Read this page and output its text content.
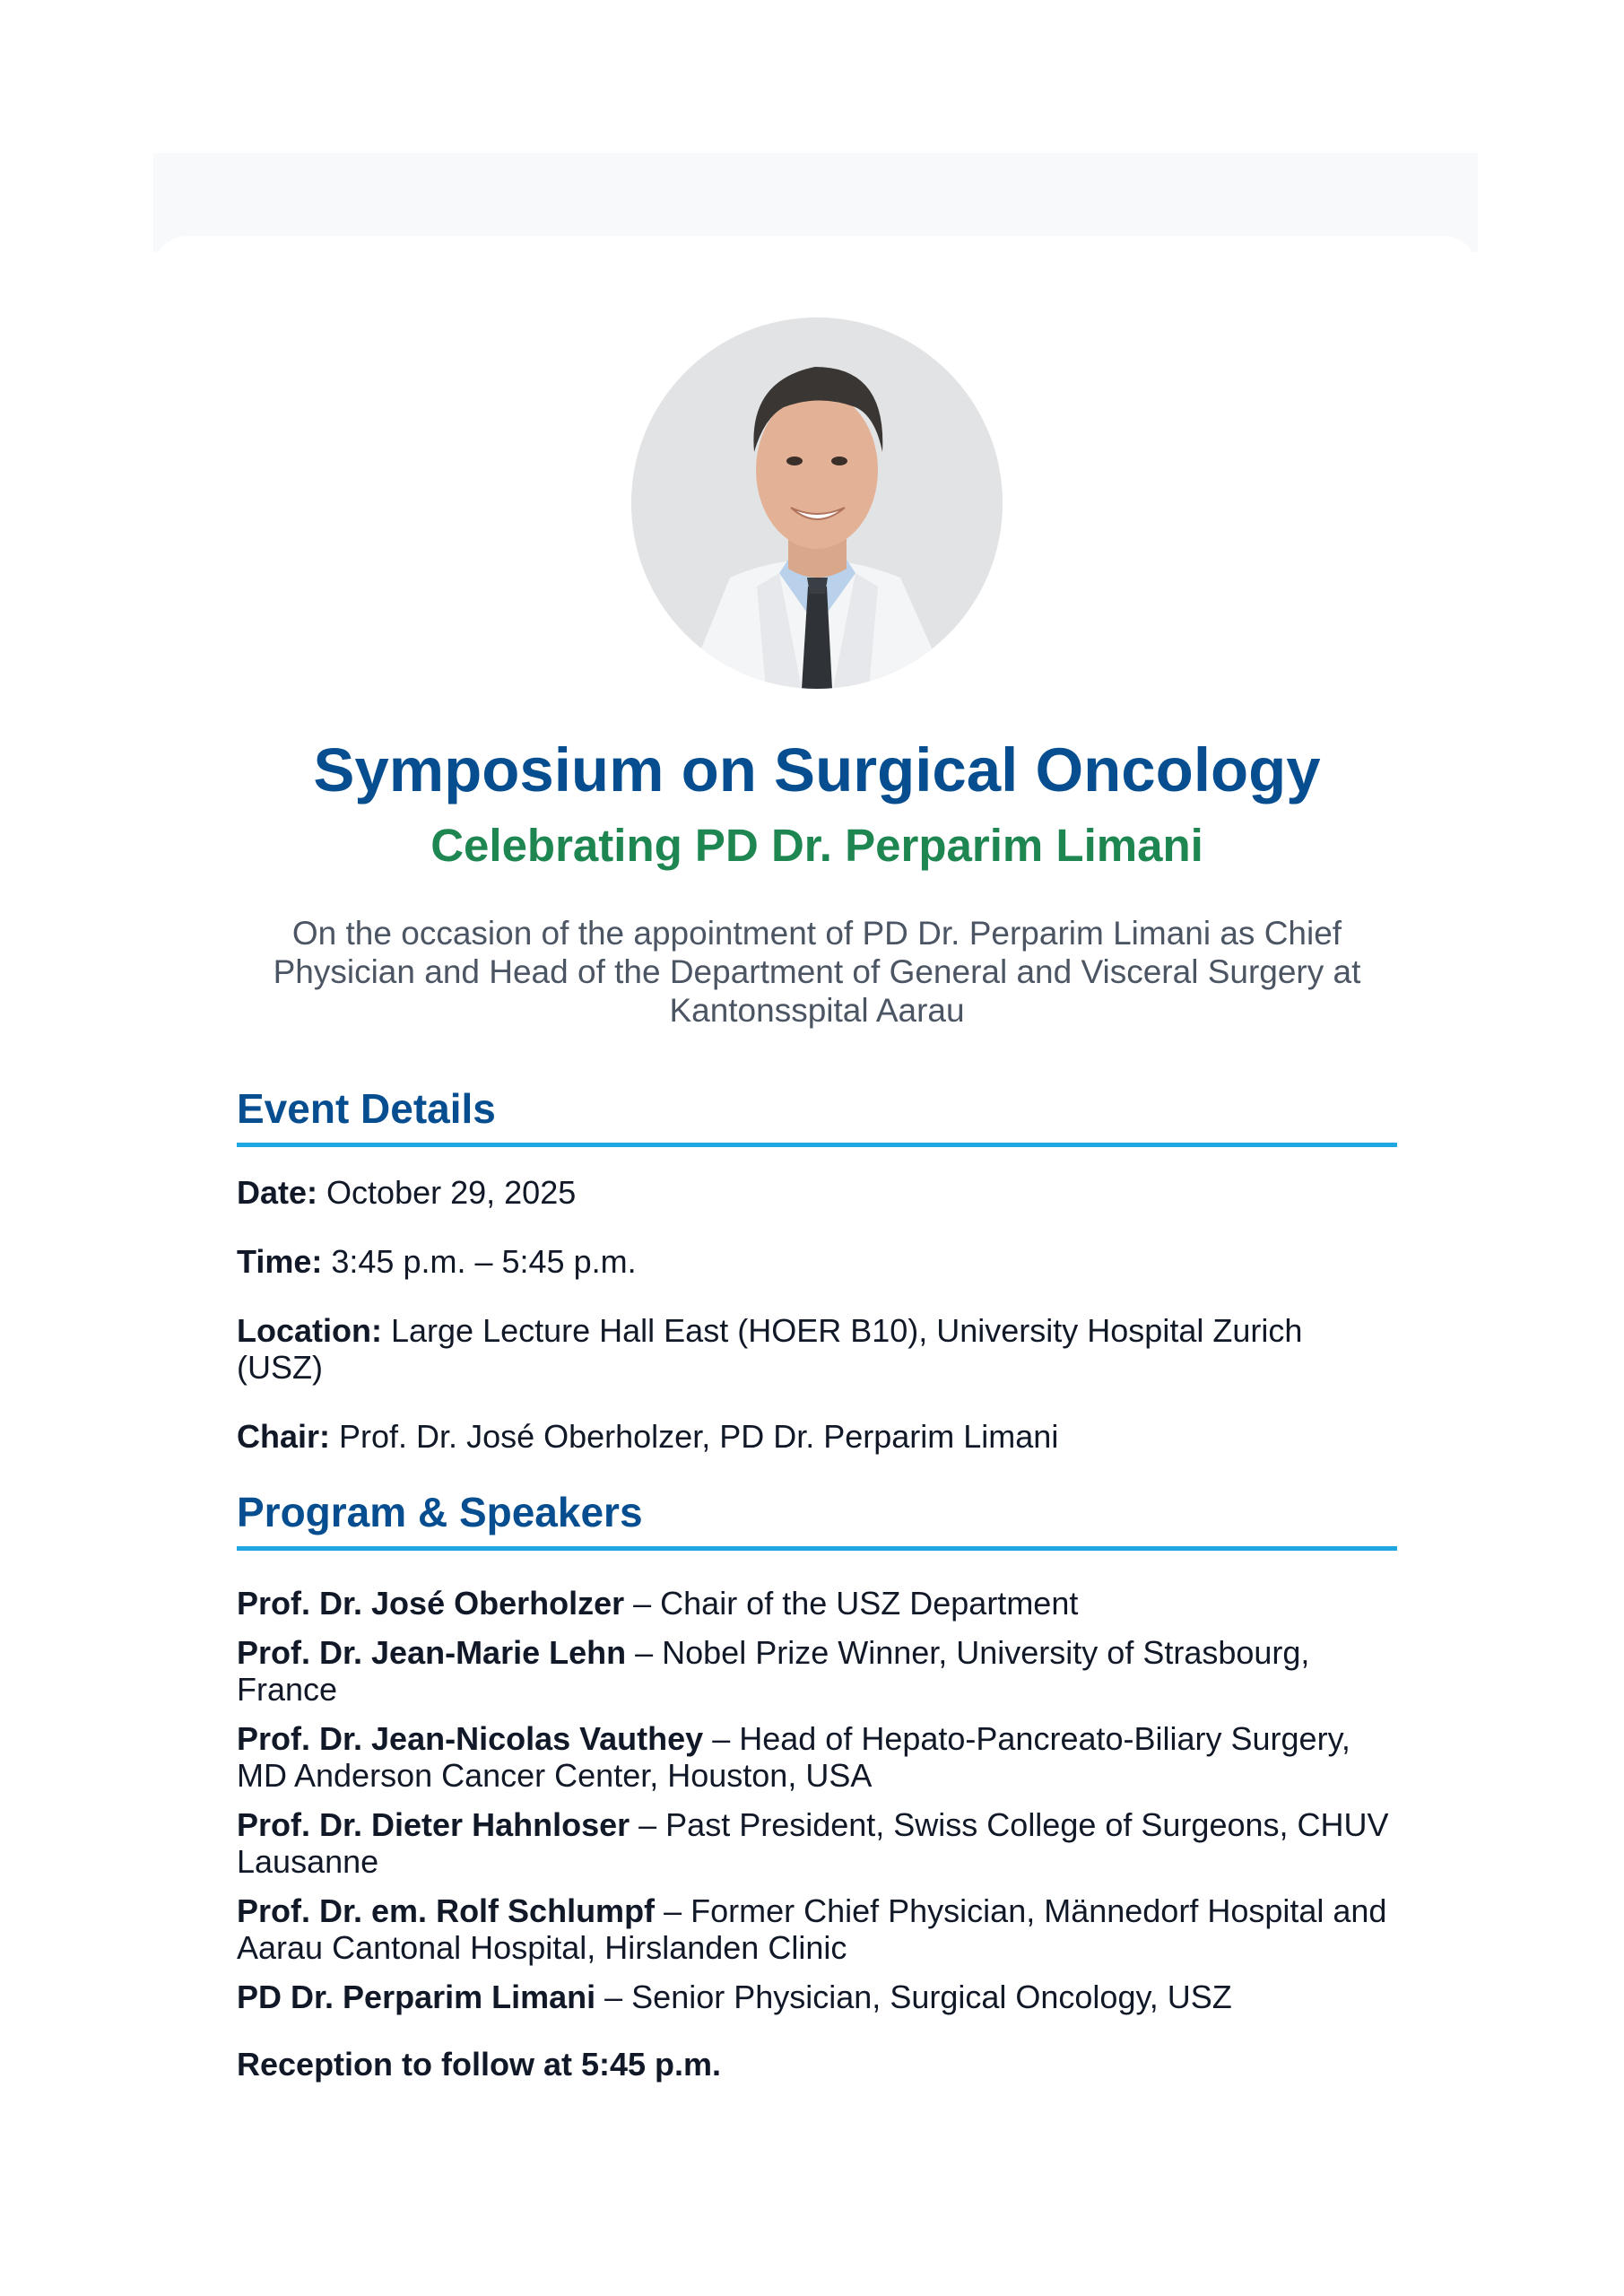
Symposium on Surgical Oncology
Celebrating PD Dr. Perparim Limani

On the occasion of the appointment of PD Dr. Perparim Limani as Chief Physician and Head of the Department of General and Visceral Surgery at Kantonsspital Aarau

Event Details

Date: October 29, 2025

Time: 3:45 p.m. – 5:45 p.m.

Location: Large Lecture Hall East (HOER B10), University Hospital Zurich (USZ)

Chair: Prof. Dr. José Oberholzer, PD Dr. Perparim Limani

Program & Speakers
Prof. Dr. José Oberholzer – Chair of the USZ Department
Prof. Dr. Jean-Marie Lehn – Nobel Prize Winner, University of Strasbourg, France
Prof. Dr. Jean-Nicolas Vauthey – Head of Hepato-Pancreato-Biliary Surgery, MD Anderson Cancer Center, Houston, USA
Prof. Dr. Dieter Hahnloser – Past President, Swiss College of Surgeons, CHUV Lausanne
Prof. Dr. em. Rolf Schlumpf – Former Chief Physician, Männedorf Hospital and Aarau Cantonal Hospital, Hirslanden Clinic
PD Dr. Perparim Limani – Senior Physician, Surgical Oncology, USZ

Reception to follow at 5:45 p.m.
